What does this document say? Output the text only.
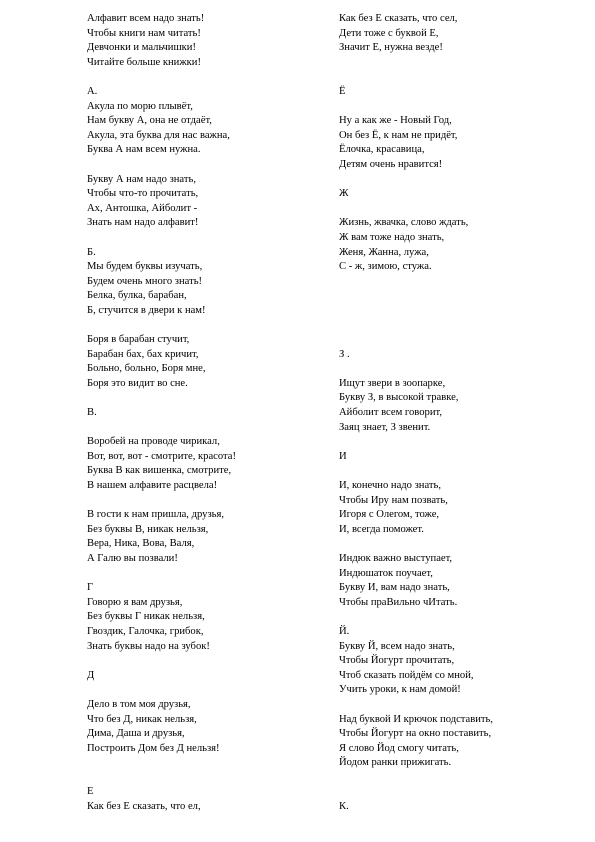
Алфавит всем надо знать!
Чтобы книги нам читать!
Девчонки и мальчишки!
Читайте больше книжки!
А.
Акула по морю плывёт,
Нам букву А, она не отдаёт,
Акула, эта буква для нас важна,
Буква А нам всем нужна.
Букву А нам надо знать,
Чтобы что-то прочитать,
Ах, Антошка, Айболит -
Знать нам надо алфавит!
Б.
Мы будем буквы изучать,
Будем очень много знать!
Белка, булка, барабан,
Б, стучится в двери к нам!
Боря в барабан стучит,
Барабан бах, бах кричит,
Больно, больно, Боря мне,
Боря это видит во сне.
В.
Воробей на проводе чирикал,
Вот, вот, вот - смотрите, красота!
Буква В как вишенка, смотрите,
В нашем алфавите расцвела!
В гости к нам пришла, друзья,
Без буквы В, никак нельзя,
Вера, Ника, Вова, Валя,
А Галю вы позвали!
Г
Говорю я вам друзья,
Без буквы Г никак нельзя,
Гвоздик, Галочка, грибок,
Знать буквы надо на зубок!
Д
Дело в том моя друзья,
Что без Д, никак нельзя,
Дима, Даша и друзья,
Построить Дом без Д нельзя!
Е
Как без Е сказать, что ел,
Как без Е сказать, что сел,
Дети тоже с буквой Е,
Значит Е, нужна везде!
Ё
Ну а как же - Новый Год,
Он без Ё, к нам не придёт,
Ёлочка, красавица,
Детям очень нравится!
Ж
Жизнь, жвачка, слово ждать,
Ж вам тоже надо знать,
Женя, Жанна, лужа,
С - ж, зимою, стужа.
З .
Ищут звери в зоопарке,
Букву З, в высокой травке,
Айболит всем говорит,
Заяц знает, З звенит.
И
И, конечно надо знать,
Чтобы Иру нам позвать,
Игоря с Олегом, тоже,
И, всегда поможет.
Индюк важно выступает,
Индюшаток поучает,
Букву И, вам надо знать,
Чтобы праВильно чИтать.
Й.
Букву Й, всем надо знать,
Чтобы Йогурт прочитать,
Чтоб сказать пойдём со мной,
Учить уроки, к нам домой!
Над буквой И крючок подставить,
Чтобы Йогурт на окно поставить,
Я слово Йод смогу читать,
Йодом ранки прижигать.
К.
